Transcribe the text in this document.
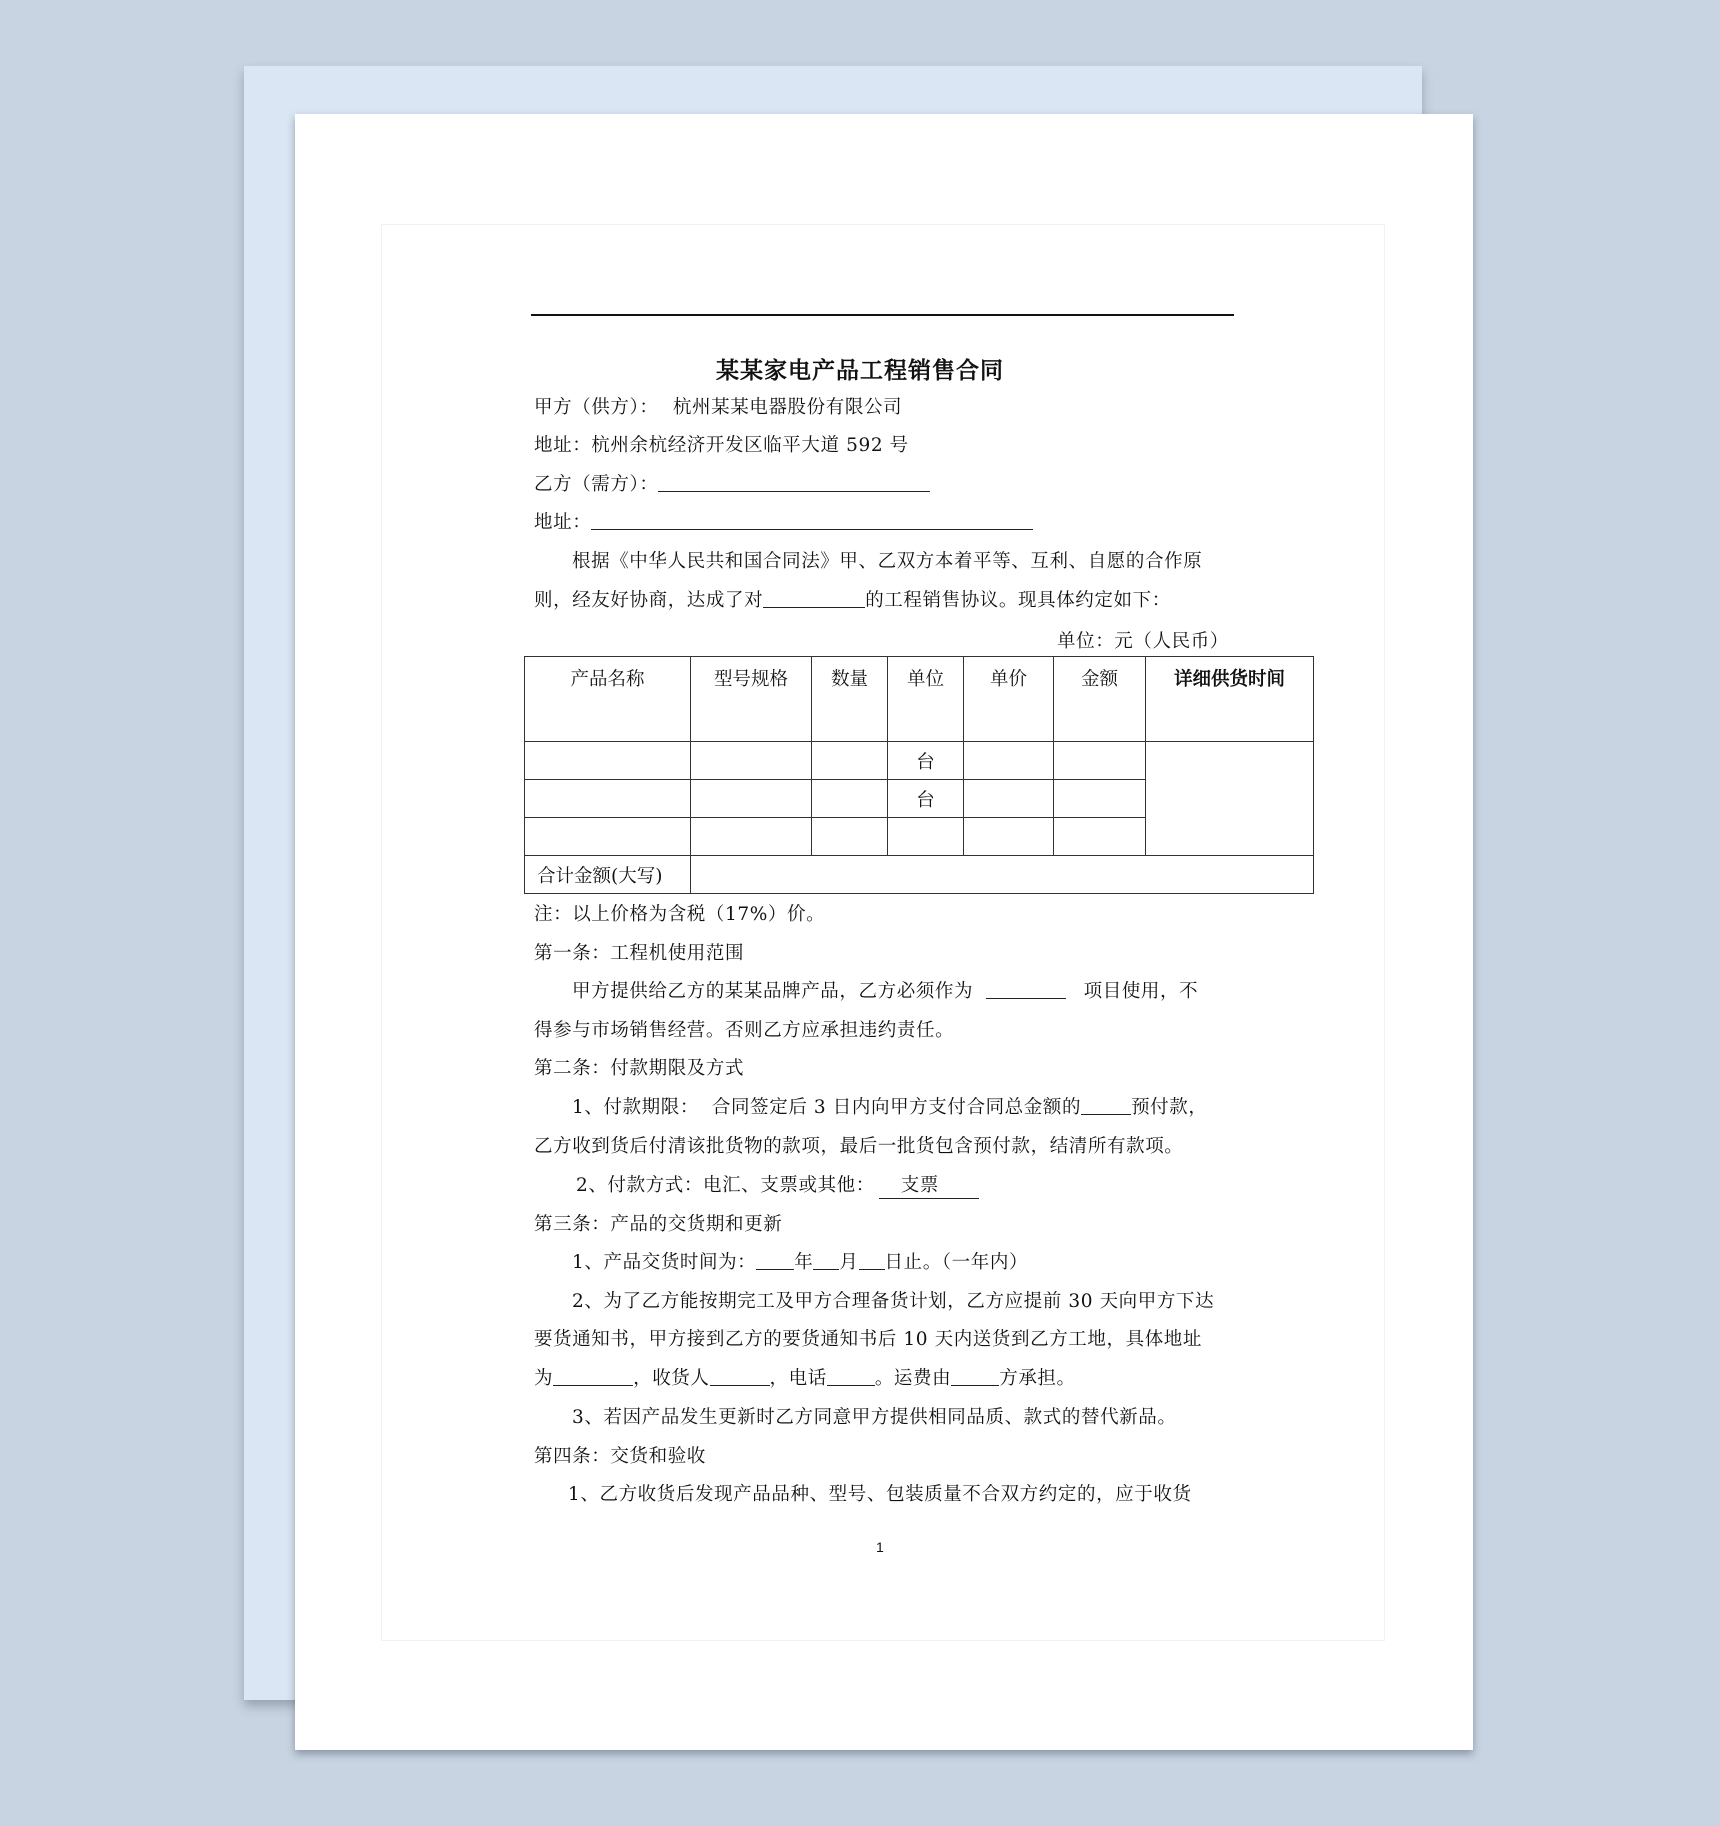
某某家电产品工程销售合同
甲方（供方）： 杭州某某电器股份有限公司
地址：杭州余杭经济开发区临平大道 592 号
乙方（需方）：
地址：
根据《中华人民共和国合同法》甲、乙双方本着平等、互利、自愿的合作原
则，经友好协商，达成了对	的工程销售协议。现具体约定如下：
单位：元（人民币）
产品名称	型号规格	数量	单位	单价	金额	详细供货时间
			台			
			台			

合计金额(大写)						
注：以上价格为含税（17%）价。
第一条：工程机使用范围
甲方提供给乙方的某某品牌产品，乙方必须作为	项目使用，不
得参与市场销售经营。否则乙方应承担违约责任。
第二条：付款期限及方式
1、付款期限：  合同签定后 3 日内向甲方支付合同总金额的	预付款，
乙方收到货后付清该批货物的款项，最后一批货包含预付款，结清所有款项。
2、付款方式：电汇、支票或其他： 支票
第三条：产品的交货期和更新
1、产品交货时间为： 年 月 日止。（一年内）
2、为了乙方能按期完工及甲方合理备货计划，乙方应提前 30 天向甲方下达
要货通知书，甲方接到乙方的要货通知书后 10 天内送货到乙方工地，具体地址
为	，收货人	，电话	。运费由	方承担。
3、若因产品发生更新时乙方同意甲方提供相同品质、款式的替代新品。
第四条：交货和验收
1、乙方收货后发现产品品种、型号、包装质量不合双方约定的，应于收货
1
